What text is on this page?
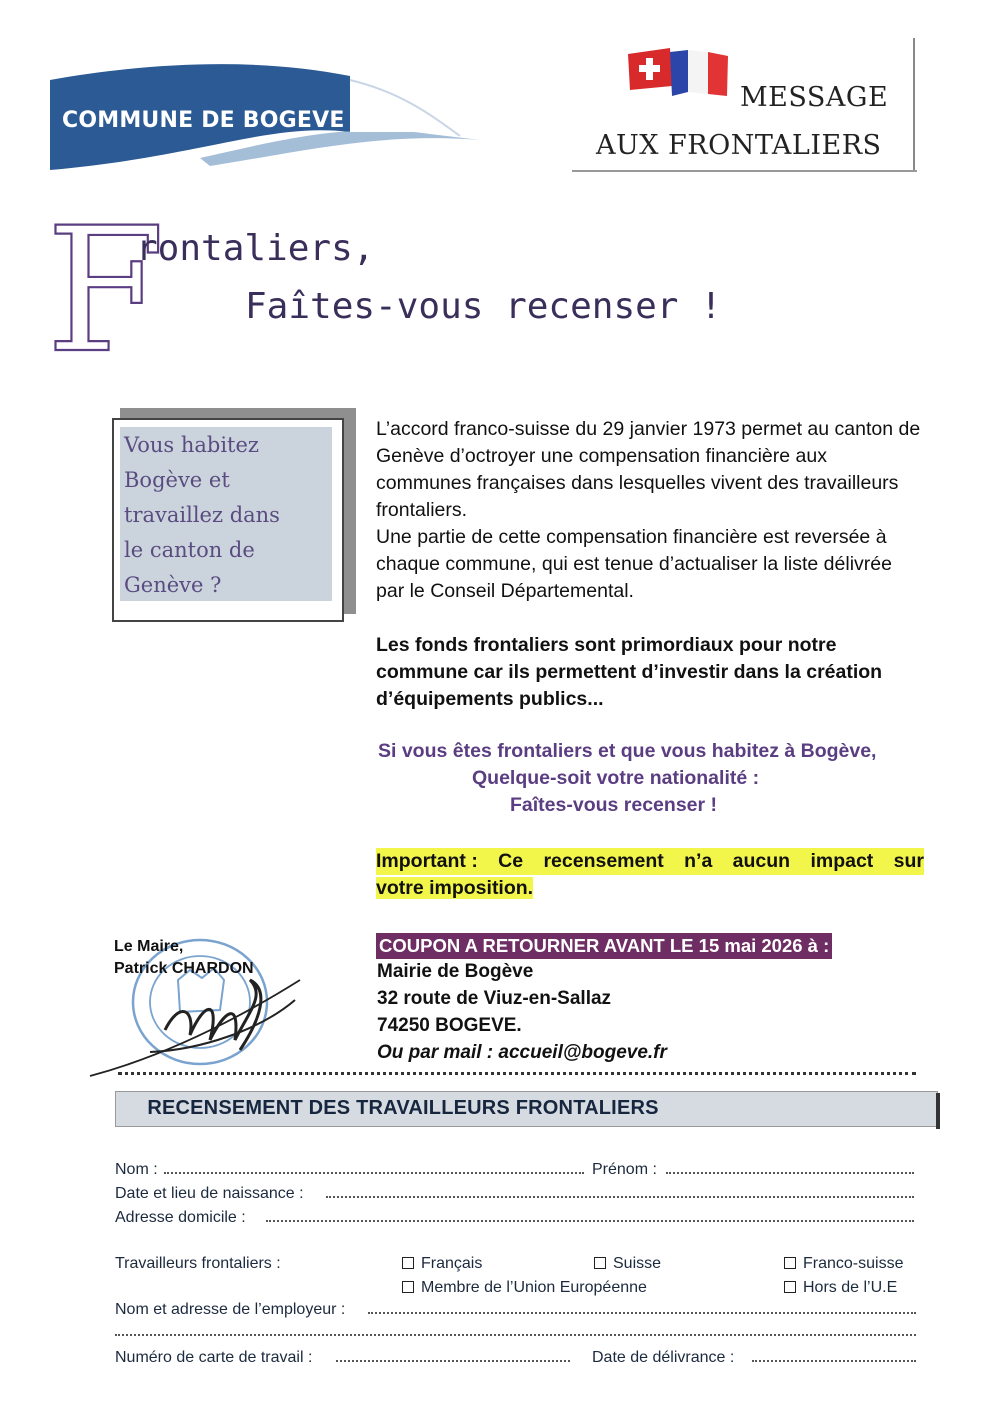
COMMUNE DE BOGEVE
MESSAGE
AUX FRONTALIERS
F
rontaliers,
Faîtes-vous recenser !
Vous habitez
Bogève et
travaillez dans
le canton de
Genève ?
L’accord franco-suisse du 29 janvier 1973 permet au canton de Genève d’octroyer une compensation financière aux communes françaises dans lesquelles vivent des travailleurs frontaliers.
Une partie de cette compensation financière est reversée à chaque commune, qui est tenue d’actualiser la liste délivrée par le Conseil Départemental.
Les fonds frontaliers sont primordiaux pour notre commune car ils permettent d’investir dans la création d’équipements publics...
Si vous êtes frontaliers et que vous habitez à Bogève,
Quelque-soit votre nationalité :
Faîtes-vous recenser !
Important : Ce recensement n’a aucun impact sur
votre imposition.
Le Maire,
Patrick CHARDON
COUPON A RETOURNER AVANT LE 15 mai 2026 à :
Mairie de Bogève
32 route de Viuz-en-Sallaz
74250 BOGEVE.
Ou par mail : accueil@bogeve.fr
RECENSEMENT DES TRAVAILLEURS FRONTALIERS
Nom :	Prénom :
Date et lieu de naissance :
Adresse domicile :
Travailleurs frontaliers :	Français	Suisse	Franco-suisse
Membre de l’Union Européenne	Hors de l’U.E
Nom et adresse de l’employeur :
Numéro de carte de travail :	Date de délivrance :
